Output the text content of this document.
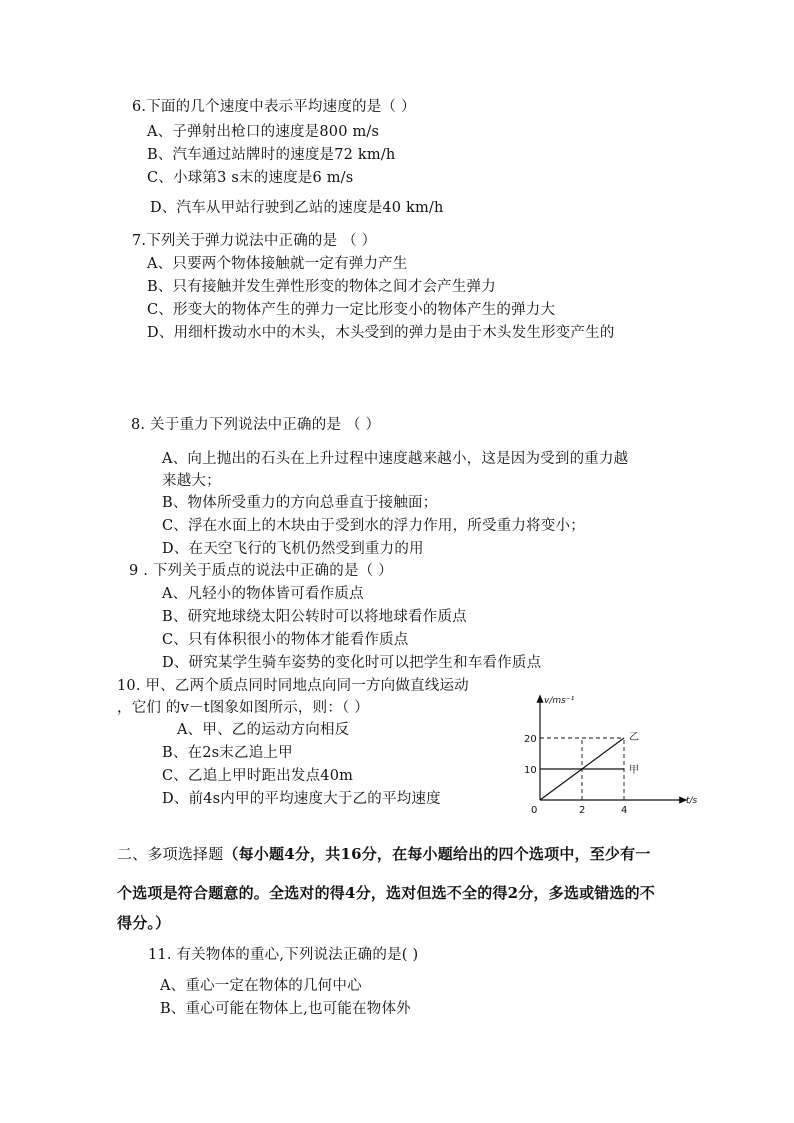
6.下面的几个速度中表示平均速度的是（ ）
A、子弹射出枪口的速度是800 m/s
B、汽车通过站牌时的速度是72 km/h
C、小球第3 s末的速度是6 m/s
D、汽车从甲站行驶到乙站的速度是40 km/h
7.下列关于弹力说法中正确的是 （ ）
A、只要两个物体接触就一定有弹力产生
B、只有接触并发生弹性形变的物体之间才会产生弹力
C、形变大的物体产生的弹力一定比形变小的物体产生的弹力大
D、用细杆拨动水中的木头，木头受到的弹力是由于木头发生形变产生的
8. 关于重力下列说法中正确的是 （ ）
A、向上抛出的石头在上升过程中速度越来越小，这是因为受到的重力越
来越大；
B、物体所受重力的方向总垂直于接触面；
C、浮在水面上的木块由于受到水的浮力作用，所受重力将变小；
D、在天空飞行的飞机仍然受到重力的用
9 . 下列关于质点的说法中正确的是（ ）
A、凡轻小的物体皆可看作质点
B、研究地球绕太阳公转时可以将地球看作质点
C、只有体积很小的物体才能看作质点
D、研究某学生骑车姿势的变化时可以把学生和车看作质点
10. 甲、乙两个质点同时同地点向同一方向做直线运动
，它们 的v－t图象如图所示，则：（ ）
A、甲、乙的运动方向相反
B、在2s末乙追上甲
C、乙追上甲时距出发点40m
D、前4s内甲的平均速度大于乙的平均速度
甲
乙
0	2	4
10
20
v/ms⁻¹
t/s
二、多项选择题（每小题4分，共16分，在每小题给出的四个选项中，至少有一
个选项是符合题意的。全选对的得4分，选对但选不全的得2分，多选或错选的不
得分。）
11. 有关物体的重心,下列说法正确的是( )
A、重心一定在物体的几何中心
B、重心可能在物体上,也可能在物体外
